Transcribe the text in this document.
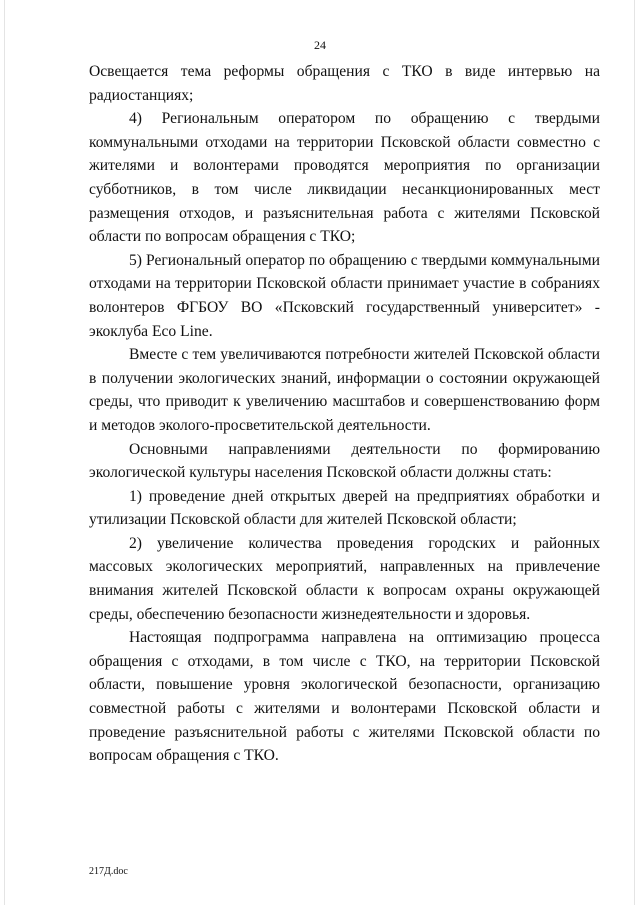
24

Освещается тема реформы обращения с ТКО в виде интервью на радиостанциях;

4) Региональным оператором по обращению с твердыми коммунальными отходами на территории Псковской области совместно с жителями и волонтерами проводятся мероприятия по организации субботников, в том числе ликвидации несанкционированных мест размещения отходов, и разъяснительная работа с жителями Псковской области по вопросам обращения с ТКО;

5) Региональный оператор по обращению с твердыми коммунальными отходами на территории Псковской области принимает участие в собраниях волонтеров ФГБОУ ВО «Псковский государственный университет» - экоклуба Eco Line.

Вместе с тем увеличиваются потребности жителей Псковской области в получении экологических знаний, информации о состоянии окружающей среды, что приводит к увеличению масштабов и совершенствованию форм и методов эколого-просветительской деятельности.

Основными направлениями деятельности по формированию экологической культуры населения Псковской области должны стать:

1) проведение дней открытых дверей на предприятиях обработки и утилизации Псковской области для жителей Псковской области;

2) увеличение количества проведения городских и районных массовых экологических мероприятий, направленных на привлечение внимания жителей Псковской области к вопросам охраны окружающей среды, обеспечению безопасности жизнедеятельности и здоровья.

Настоящая подпрограмма направлена на оптимизацию процесса обращения с отходами, в том числе с ТКО, на территории Псковской области, повышение уровня экологической безопасности, организацию совместной работы с жителями и волонтерами Псковской области и проведение разъяснительной работы с жителями Псковской области по вопросам обращения с ТКО.

217Д.doc
